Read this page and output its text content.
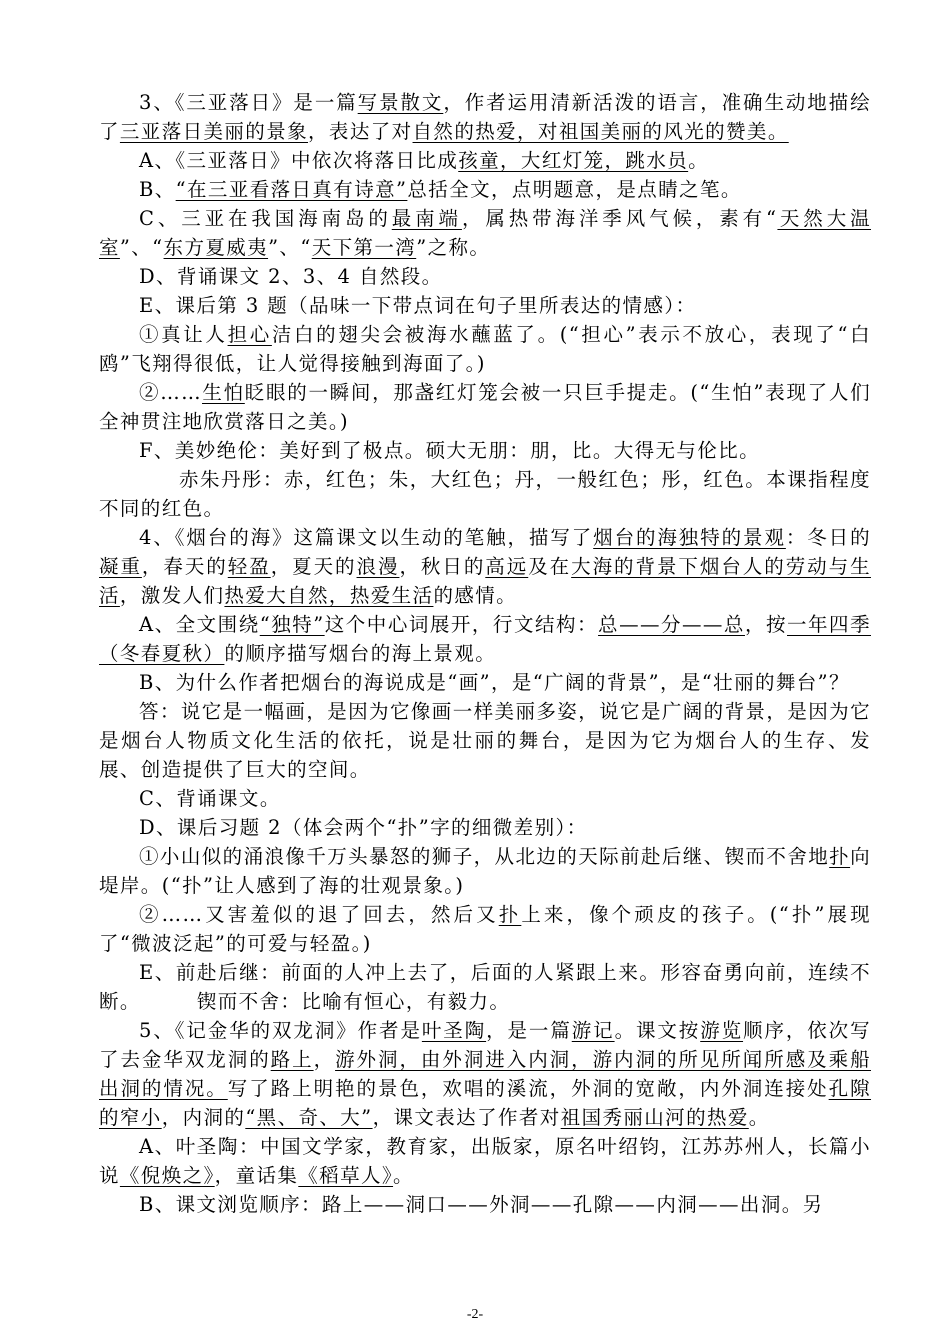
3、《三亚落日》是一篇写景散文，作者运用清新活泼的语言，准确生动地描绘了三亚落日美丽的景象，表达了对自然的热爱，对祖国美丽的风光的赞美。

A、《三亚落日》中依次将落日比成孩童，大红灯笼，跳水员。

B、“在三亚看落日真有诗意”总括全文，点明题意，是点睛之笔。

C、三亚在我国海南岛的最南端，属热带海洋季风气候，素有“天然大温室”、“东方夏威夷”、“天下第一湾”之称。

D、背诵课文 2、3、4 自然段。

E、课后第 3 题（品味一下带点词在句子里所表达的情感）：

①真让人担心洁白的翅尖会被海水蘸蓝了。(“担心”表示不放心，表现了“白鸥”飞翔得很低，让人觉得接触到海面了。)

②……生怕眨眼的一瞬间，那盏红灯笼会被一只巨手提走。(“生怕”表现了人们全神贯注地欣赏落日之美。)

F、美妙绝伦：美好到了极点。硕大无朋：朋，比。大得无与伦比。

赤朱丹彤：赤，红色；朱，大红色；丹，一般红色；彤，红色。本课指程度不同的红色。

4、《烟台的海》这篇课文以生动的笔触，描写了烟台的海独特的景观：冬日的凝重，春天的轻盈，夏天的浪漫，秋日的高远及在大海的背景下烟台人的劳动与生活，激发人们热爱大自然，热爱生活的感情。

A、全文围绕“独特”这个中心词展开，行文结构：总——分——总，按一年四季（冬春夏秋）的顺序描写烟台的海上景观。

B、为什么作者把烟台的海说成是“画”，是“广阔的背景”，是“壮丽的舞台”？

答：说它是一幅画，是因为它像画一样美丽多姿，说它是广阔的背景，是因为它是烟台人物质文化生活的依托，说是壮丽的舞台，是因为它为烟台人的生存、发展、创造提供了巨大的空间。

C、背诵课文。

D、课后习题 2（体会两个“扑”字的细微差别）：

①小山似的涌浪像千万头暴怒的狮子，从北边的天际前赴后继、锲而不舍地扑向堤岸。(“扑”让人感到了海的壮观景象。)

②……又害羞似的退了回去，然后又扑上来，像个顽皮的孩子。(“扑”展现了“微波泛起”的可爱与轻盈。)

E、前赴后继：前面的人冲上去了，后面的人紧跟上来。形容奋勇向前，连续不断。	锲而不舍：比喻有恒心，有毅力。

5、《记金华的双龙洞》作者是叶圣陶，是一篇游记。课文按游览顺序，依次写了去金华双龙洞的路上，游外洞，由外洞进入内洞，游内洞的所见所闻所感及乘船出洞的情况。写了路上明艳的景色，欢唱的溪流，外洞的宽敞，内外洞连接处孔隙的窄小，内洞的“黑、奇、大”，课文表达了作者对祖国秀丽山河的热爱。

A、叶圣陶：中国文学家，教育家，出版家，原名叶绍钧，江苏苏州人，长篇小说《倪焕之》，童话集《稻草人》。

B、课文浏览顺序：路上——洞口——外洞——孔隙——内洞——出洞。另

-2-
